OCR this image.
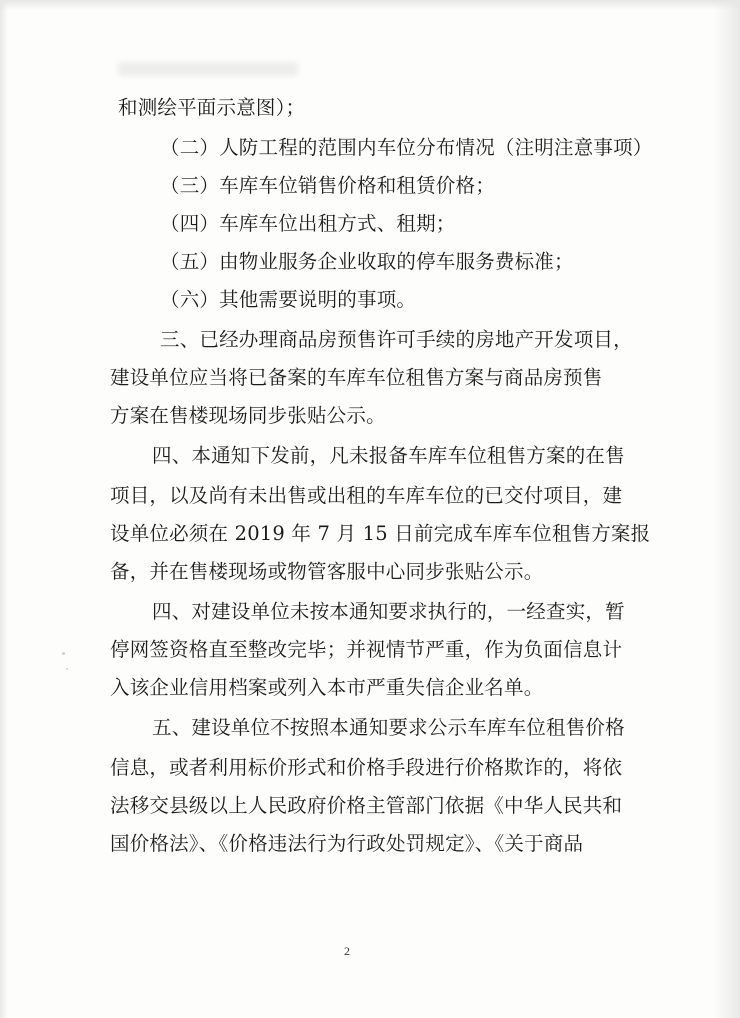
和测绘平面示意图）；
（二）人防工程的范围内车位分布情况（注明注意事项）
（三）车库车位销售价格和租赁价格；
（四）车库车位出租方式、租期；
（五）由物业服务企业收取的停车服务费标准；
（六）其他需要说明的事项。
三、已经办理商品房预售许可手续的房地产开发项目，
建设单位应当将已备案的车库车位租售方案与商品房预售
方案在售楼现场同步张贴公示。
四、本通知下发前，凡未报备车库车位租售方案的在售
项目，以及尚有未出售或出租的车库车位的已交付项目，建
设单位必须在 2019 年 7 月 15 日前完成车库车位租售方案报
备，并在售楼现场或物管客服中心同步张贴公示。
四、对建设单位未按本通知要求执行的，一经查实，暂
停网签资格直至整改完毕；并视情节严重，作为负面信息计
入该企业信用档案或列入本市严重失信企业名单。
五、建设单位不按照本通知要求公示车库车位租售价格
信息，或者利用标价形式和价格手段进行价格欺诈的，将依
法移交县级以上人民政府价格主管部门依据《中华人民共和
国价格法》、《价格违法行为行政处罚规定》、《关于商品
2
